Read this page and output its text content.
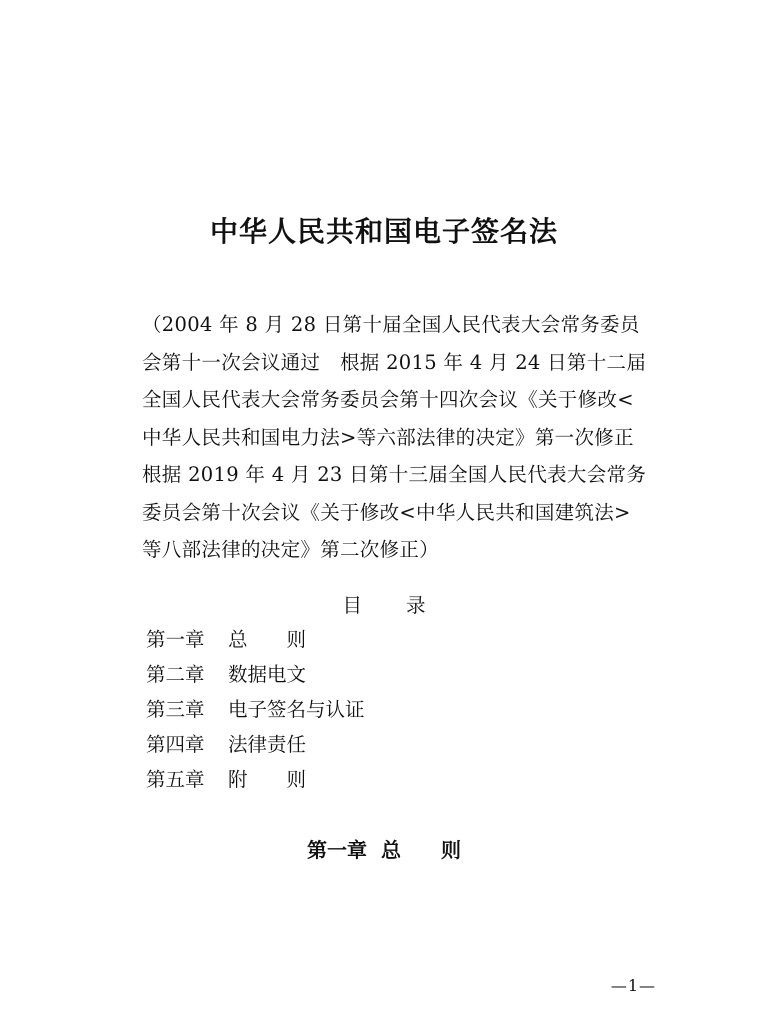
中华人民共和国电子签名法
（2004 年 8 月 28 日第十届全国人民代表大会常务委员
会第十一次会议通过　根据 2015 年 4 月 24 日第十二届
全国人民代表大会常务委员会第十四次会议《关于修改<
中华人民共和国电力法>等六部法律的决定》第一次修正
根据 2019 年 4 月 23 日第十三届全国人民代表大会常务
委员会第十次会议《关于修改<中华人民共和国建筑法>
等八部法律的决定》第二次修正）
目 录
第一章	总　　则
第二章	数据电文
第三章	电子签名与认证
第四章	法律责任
第五章	附　　则
第一章 总　　则
—1—
